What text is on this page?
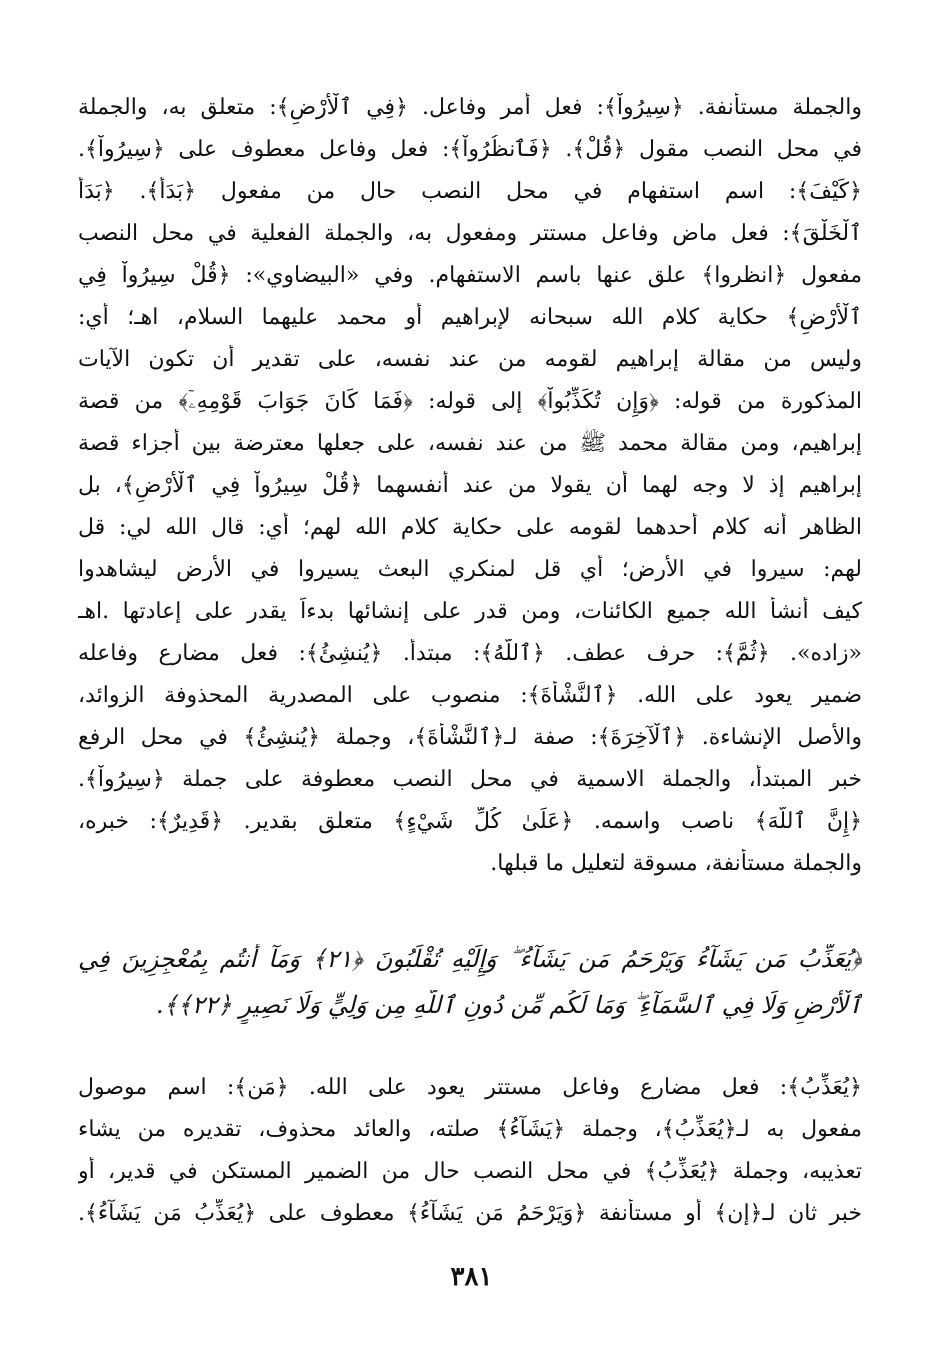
والجملة مستأنفة. ﴿سِيرُواْ﴾: فعل أمر وفاعل. ﴿فِي ٱلْأَرْضِ﴾: متعلق به، والجملة
في محل النصب مقول ﴿قُلْ﴾. ﴿فَٱنظُرُواْ﴾: فعل وفاعل معطوف على ﴿سِيرُواْ﴾.
﴿كَيْفَ﴾: اسم استفهام في محل النصب حال من مفعول ﴿بَدَأَ﴾. ﴿بَدَأَ
ٱلْخَلْقَ﴾: فعل ماض وفاعل مستتر ومفعول به، والجملة الفعلية في محل النصب
مفعول ﴿انظروا﴾ علق عنها باسم الاستفهام. وفي «البيضاوي»: ﴿قُلْ سِيرُواْ فِي
ٱلْأَرْضِ﴾ حكاية كلام الله سبحانه لإبراهيم أو محمد عليهما السلام، اهـ؛ أي:
وليس من مقالة إبراهيم لقومه من عند نفسه، على تقدير أن تكون الآيات
المذكورة من قوله: ﴿وَإِن تُكَذِّبُواْ﴾ إلى قوله: ﴿فَمَا كَانَ جَوَابَ قَوْمِهِۦٓ﴾ من قصة
إبراهيم، ومن مقالة محمد ﷺ من عند نفسه، على جعلها معترضة بين أجزاء قصة
إبراهيم إذ لا وجه لهما أن يقولا من عند أنفسهما ﴿قُلْ سِيرُواْ فِي ٱلْأَرْضِ﴾، بل
الظاهر أنه كلام أحدهما لقومه على حكاية كلام الله لهم؛ أي: قال الله لي: قل
لهم: سيروا في الأرض؛ أي قل لمنكري البعث يسيروا في الأرض ليشاهدوا
كيف أنشأ الله جميع الكائنات، ومن قدر على إنشائها بدءاً يقدر على إعادتها .اهـ
«زاده». ﴿ثُمَّ﴾: حرف عطف. ﴿ٱللَّهُ﴾: مبتدأ. ﴿يُنشِئُ﴾: فعل مضارع وفاعله
ضمير يعود على الله. ﴿ٱلنَّشْأَةَ﴾: منصوب على المصدرية المحذوفة الزوائد،
والأصل الإنشاءة. ﴿ٱلْآخِرَةَ﴾: صفة لـ﴿ٱلنَّشْأَةَ﴾، وجملة ﴿يُنشِئُ﴾ في محل الرفع
خبر المبتدأ، والجملة الاسمية في محل النصب معطوفة على جملة ﴿سِيرُواْ﴾.
﴿إِنَّ ٱللَّهَ﴾ ناصب واسمه. ﴿عَلَىٰ كُلِّ شَيْءٍ﴾ متعلق بقدير. ﴿قَدِيرٌ﴾: خبره،
والجملة مستأنفة، مسوقة لتعليل ما قبلها.
﴿يُعَذِّبُ مَن يَشَآءُ وَيَرْحَمُ مَن يَشَآءُ ۖ وَإِلَيْهِ تُقْلَبُونَ ﴿٢١﴾ وَمَآ أَنتُم بِمُعْجِزِينَ فِي
ٱلْأَرْضِ وَلَا فِي ٱلسَّمَآءِ ۖ وَمَا لَكُم مِّن دُونِ ٱللَّهِ مِن وَلِيٍّ وَلَا نَصِيرٍ ﴿٢٢﴾﴾.
﴿يُعَذِّبُ﴾: فعل مضارع وفاعل مستتر يعود على الله. ﴿مَن﴾: اسم موصول
مفعول به لـ﴿يُعَذِّبُ﴾، وجملة ﴿يَشَآءُ﴾ صلته، والعائد محذوف، تقديره من يشاء
تعذيبه، وجملة ﴿يُعَذِّبُ﴾ في محل النصب حال من الضمير المستكن في قدير، أو
خبر ثان لـ﴿إن﴾ أو مستأنفة ﴿وَيَرْحَمُ مَن يَشَآءُ﴾ معطوف على ﴿يُعَذِّبُ مَن يَشَآءُ﴾.
٣٨١
